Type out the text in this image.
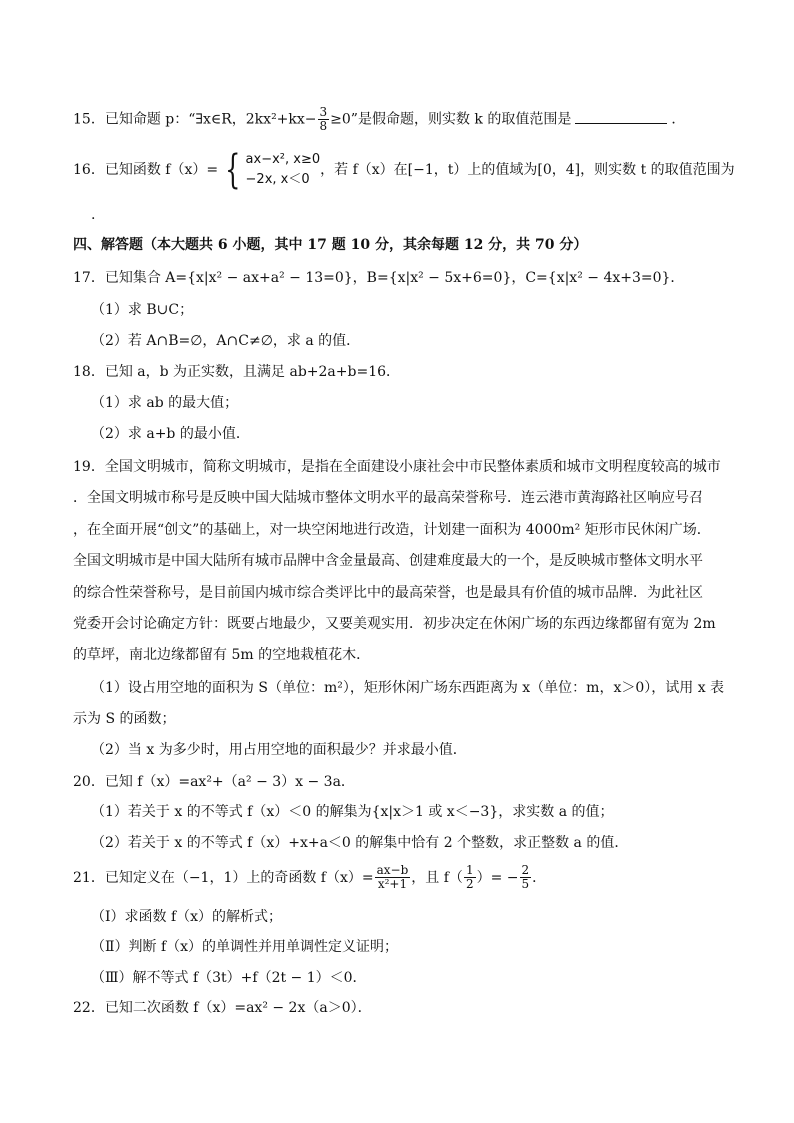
15．已知命题 p：“∃x∈R，$2kx^2+kx- \frac{3}{8} \ge 0$”是假命题，则实数 k 的取值范围是	．
16．已知函数 f（x）= { ax−x², x≥0
−2x, x＜0
，若 f（x）在[−1，t）上的值域为[0，4]，则实数 t 的取值范围为
.
四、解答题（本大题共 6 小题，其中 17 题 10 分，其余每题 12 分，共 70 分）
17．已知集合 A={x|x² − ax+a² − 13=0}，B={x|x² − 5x+6=0}，C={x|x² − 4x+3=0}．
（1）求 B∪C；
（2）若 A∩B=∅，A∩C≠∅，求 a 的值．
18．已知 a，b 为正实数，且满足 ab+2a+b=16．
（1）求 ab 的最大值；
（2）求 a+b 的最小值．
19．全国文明城市，简称文明城市，是指在全面建设小康社会中市民整体素质和城市文明程度较高的城市
．全国文明城市称号是反映中国大陆城市整体文明水平的最高荣誉称号．连云港市黄海路社区响应号召
，在全面开展“创文”的基础上，对一块空闲地进行改造，计划建一面积为 4000m² 矩形市民休闲广场．
全国文明城市是中国大陆所有城市品牌中含金量最高、创建难度最大的一个，是反映城市整体文明水平
的综合性荣誉称号，是目前国内城市综合类评比中的最高荣誉，也是最具有价值的城市品牌．为此社区
党委开会讨论确定方针：既要占地最少，又要美观实用．初步决定在休闲广场的东西边缘都留有宽为 2m
的草坪，南北边缘都留有 5m 的空地栽植花木．
（1）设占用空地的面积为 S（单位：m²），矩形休闲广场东西距离为 x（单位：m，x＞0），试用 x 表
示为 S 的函数；
（2）当 x 为多少时，用占用空地的面积最少？并求最小值．
20．已知 f（x）=ax²+（a² − 3）x − 3a．
（1）若关于 x 的不等式 f（x）＜0 的解集为{x|x＞1 或 x＜−3}，求实数 a 的值；
（2）若关于 x 的不等式 f（x）+x+a＜0 的解集中恰有 2 个整数，求正整数 a 的值．
21．已知定义在（−1，1）上的奇函数 $f(x)= \frac{ax-b}{\text{x²+1}}$ ，且 $f( \frac{1}{2}$ ）= − $\frac{2}{5}$ ．
（Ⅰ）求函数 f（x）的解析式；
（Ⅱ）判断 f（x）的单调性并用单调性定义证明；
（Ⅲ）解不等式 f（3t）+f（2t − 1）＜0．
22．已知二次函数 f（x）=ax² − 2x（a＞0）．
